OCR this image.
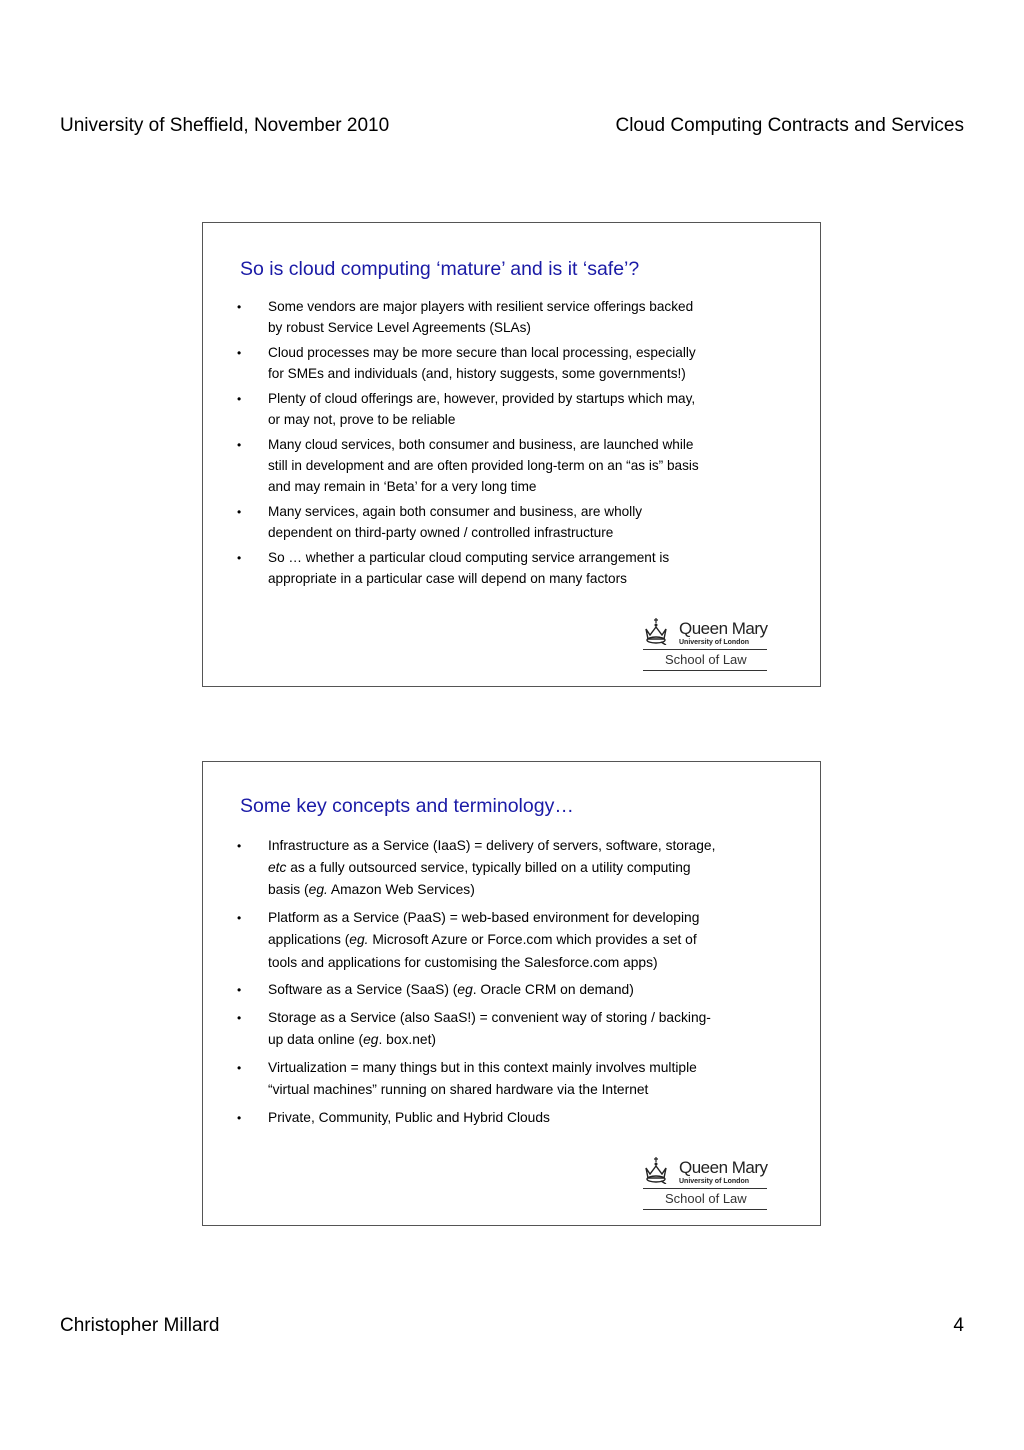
University of Sheffield, November 2010	Cloud Computing Contracts and Services
So is cloud computing ‘mature’ and is it ‘safe’?
•	Some vendors are major players with resilient service offerings backed
by robust Service Level Agreements (SLAs)
•	Cloud processes may be more secure than local processing, especially
for SMEs and individuals (and, history suggests, some governments!)
•	Plenty of cloud offerings are, however, provided by startups which may,
or may not, prove to be reliable
•	Many cloud services, both consumer and business, are launched while
still in development and are often provided long-term on an “as is” basis
and may remain in ‘Beta’ for a very long time
•	Many services, again both consumer and business, are wholly
dependent on third-party owned / controlled infrastructure
•	So … whether a particular cloud computing service arrangement is
appropriate in a particular case will depend on many factors
Queen Mary
University of London
School of Law
Some key concepts and terminology…
•	Infrastructure as a Service (IaaS) = delivery of servers, software, storage,
etc as a fully outsourced service, typically billed on a utility computing
basis (eg. Amazon Web Services)
•	Platform as a Service (PaaS) = web-based environment for developing
applications (eg. Microsoft Azure or Force.com which provides a set of
tools and applications for customising the Salesforce.com apps)
•	Software as a Service (SaaS) (eg. Oracle CRM on demand)
•	Storage as a Service (also SaaS!) = convenient way of storing / backing-
up data online (eg. box.net)
•	Virtualization = many things but in this context mainly involves multiple
“virtual machines” running on shared hardware via the Internet
•	Private, Community, Public and Hybrid Clouds
Queen Mary
University of London
School of Law
Christopher Millard	4
